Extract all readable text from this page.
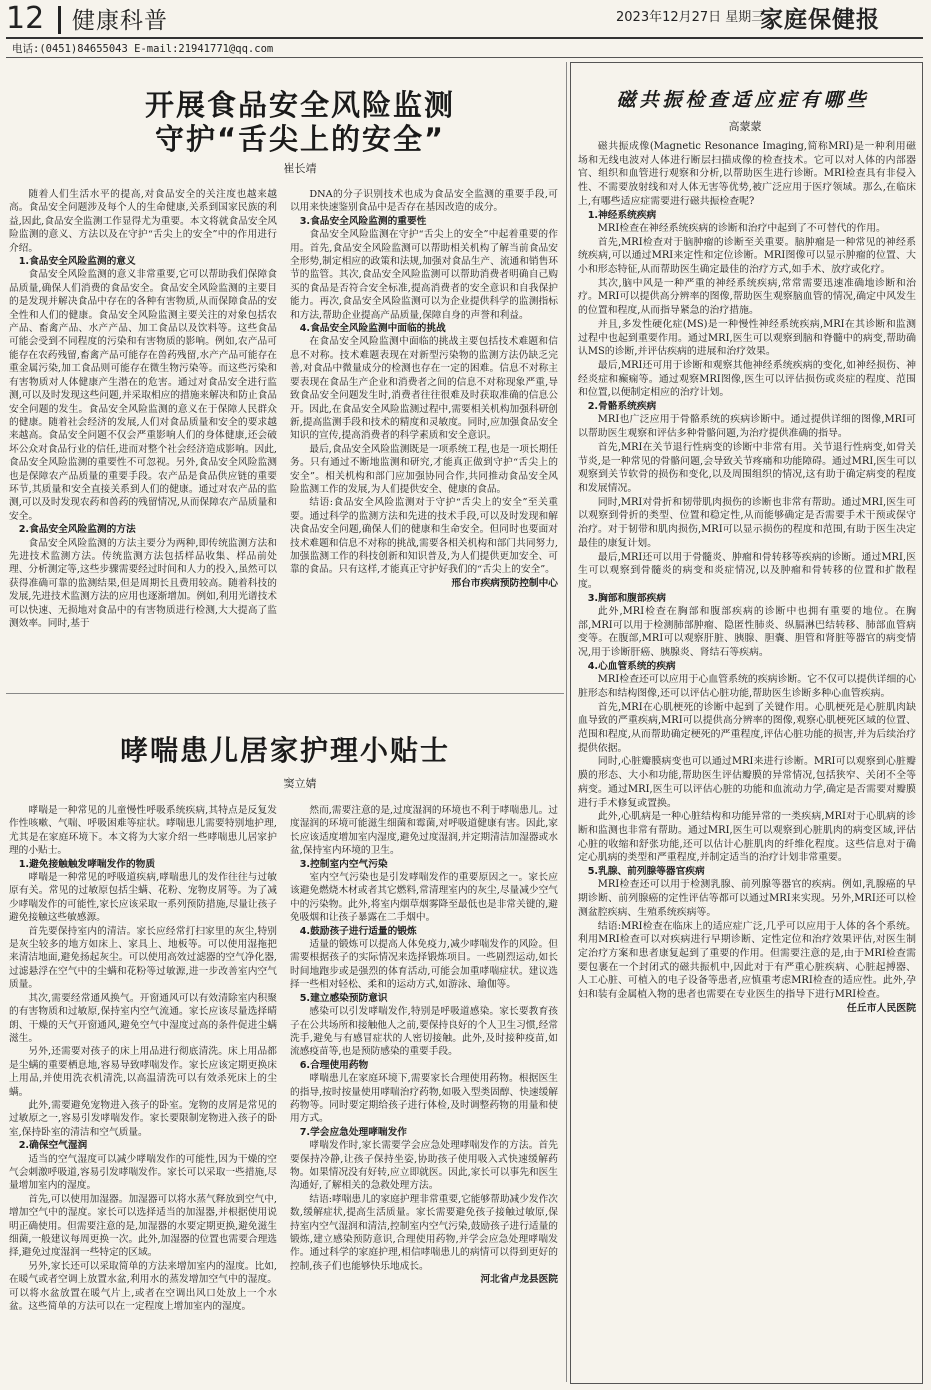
12 健康科普	2023年12月27日 星期三
家庭保健报
电话:(0451)84655043 E-mail:21941771@qq.com
开展食品安全风险监测
守护“舌尖上的安全”
崔长靖

随着人们生活水平的提高,对食品安全的关注度也越来越高。食品安全问题涉及每个人的生命健康,关系到国家民族的利益,因此,食品安全监测工作显得尤为重要。本文将就食品安全风险监测的意义、方法以及在守护“舌尖上的安全”中的作用进行介绍。

1.食品安全风险监测的意义

食品安全风险监测的意义非常重要,它可以帮助我们保障食品质量,确保人们消费的食品安全。食品安全风险监测的主要目的是发现并解决食品中存在的各种有害物质,从而保障食品的安全性和人们的健康。食品安全风险监测主要关注的对象包括农产品、畜禽产品、水产产品、加工食品以及饮料等。这些食品可能会受到不同程度的污染和有害物质的影响。例如,农产品可能存在农药残留,畜禽产品可能存在兽药残留,水产产品可能存在重金属污染,加工食品则可能存在微生物污染等。而这些污染和有害物质对人体健康产生潜在的危害。通过对食品安全进行监测,可以及时发现这些问题,并采取相应的措施来解决和防止食品安全问题的发生。食品安全风险监测的意义在于保障人民群众的健康。随着社会经济的发展,人们对食品质量和安全的要求越来越高。食品安全问题不仅会严重影响人们的身体健康,还会破坏公众对食品行业的信任,进而对整个社会经济造成影响。因此,食品安全风险监测的重要性不可忽视。另外,食品安全风险监测也是保障农产品质量的重要手段。农产品是食品供应链的重要环节,其质量和安全直接关系到人们的健康。通过对农产品的监测,可以及时发现农药和兽药的残留情况,从而保障农产品质量和安全。

2.食品安全风险监测的方法

食品安全风险监测的方法主要分为两种,即传统监测方法和先进技术监测方法。传统监测方法包括样品收集、样品前处理、分析测定等,这些步骤需要经过时间和人力的投入,虽然可以获得准确可靠的监测结果,但是周期长且费用较高。随着科技的发展,先进技术监测方法的应用也逐渐增加。例如,利用光谱技术可以快速、无损地对食品中的有害物质进行检测,大大提高了监测效率。同时,基于

DNA的分子识别技术也成为食品安全监测的重要手段,可以用来快速鉴别食品中是否存在基因改造的成分。

3.食品安全风险监测的重要性

食品安全风险监测在守护“舌尖上的安全”中起着重要的作用。首先,食品安全风险监测可以帮助相关机构了解当前食品安全形势,制定相应的政策和法规,加强对食品生产、流通和销售环节的监管。其次,食品安全风险监测可以帮助消费者明确自己购买的食品是否符合安全标准,提高消费者的安全意识和自我保护能力。再次,食品安全风险监测可以为企业提供科学的监测指标和方法,帮助企业提高产品质量,保障自身的声誉和利益。

4.食品安全风险监测中面临的挑战

在食品安全风险监测中面临的挑战主要包括技术难题和信息不对称。技术难题表现在对新型污染物的监测方法仍缺乏完善,对食品中微量成分的检测也存在一定的困难。信息不对称主要表现在食品生产企业和消费者之间的信息不对称现象严重,导致食品安全问题发生时,消费者往往很难及时获取准确的信息公开。因此,在食品安全风险监测过程中,需要相关机构加强科研创新,提高监测手段和技术的精度和灵敏度。同时,应加强食品安全知识的宣传,提高消费者的科学素质和安全意识。

最后,食品安全风险监测既是一项系统工程,也是一项长期任务。只有通过不断地监测和研究,才能真正做到守护“舌尖上的安全”。相关机构和部门应加强协同合作,共同推动食品安全风险监测工作的发展,为人们提供安全、健康的食品。

结语:食品安全风险监测对于守护“舌尖上的安全”至关重要。通过科学的监测方法和先进的技术手段,可以及时发现和解决食品安全问题,确保人们的健康和生命安全。但同时也要面对技术难题和信息不对称的挑战,需要各相关机构和部门共同努力,加强监测工作的科技创新和知识普及,为人们提供更加安全、可靠的食品。只有这样,才能真正守护好我们的“舌尖上的安全”。

邢台市疾病预防控制中心

哮喘患儿居家护理小贴士
窦立婧

哮喘是一种常见的儿童慢性呼吸系统疾病,其特点是反复发作性咳嗽、气喘、呼吸困难等症状。哮喘患儿需要特别地护理,尤其是在家庭环境下。本文将为大家介绍一些哮喘患儿居家护理的小贴士。

1.避免接触触发哮喘发作的物质

哮喘是一种常见的呼吸道疾病,哮喘患儿的发作往往与过敏原有关。常见的过敏原包括尘螨、花粉、宠物皮屑等。为了减少哮喘发作的可能性,家长应该采取一系列预防措施,尽量让孩子避免接触这些敏感源。

首先要保持室内的清洁。家长应经常打扫家里的灰尘,特别是灰尘较多的地方如床上、家具上、地板等。可以使用湿拖把来清洁地面,避免扬起灰尘。可以使用高效过滤器的空气净化器,过滤悬浮在空气中的尘螨和花粉等过敏源,进一步改善室内空气质量。

其次,需要经常通风换气。开窗通风可以有效清除室内积聚的有害物质和过敏原,保持室内空气流通。家长应该尽量选择晴朗、干燥的天气开窗通风,避免空气中湿度过高的条件促进尘螨滋生。

另外,还需要对孩子的床上用品进行彻底清洗。床上用品都是尘螨的重要栖息地,容易导致哮喘发作。家长应该定期更换床上用品,并使用洗衣机清洗,以高温清洗可以有效杀死床上的尘螨。

此外,需要避免宠物进入孩子的卧室。宠物的皮屑是常见的过敏原之一,容易引发哮喘发作。家长要限制宠物进入孩子的卧室,保持卧室的清洁和空气质量。

2.确保空气湿润

适当的空气湿度可以减少哮喘发作的可能性,因为干燥的空气会刺激呼吸道,容易引发哮喘发作。家长可以采取一些措施,尽量增加室内的湿度。

首先,可以使用加湿器。加湿器可以将水蒸气释放到空气中,增加空气中的湿度。家长可以选择适当的加湿器,并根据使用说明正确使用。但需要注意的是,加湿器的水要定期更换,避免滋生细菌,一般建议每周更换一次。此外,加湿器的位置也需要合理选择,避免过度湿润一些特定的区域。

另外,家长还可以采取简单的方法来增加室内的湿度。比如,在暖气或者空调上放置水盆,利用水的蒸发增加空气中的湿度。可以将水盆放置在暖气片上,或者在空调出风口处放上一个水盆。这些简单的方法可以在一定程度上增加室内的湿度。

然而,需要注意的是,过度湿润的环境也不利于哮喘患儿。过度湿润的环境可能滋生细菌和霉菌,对呼吸道健康有害。因此,家长应该适度增加室内湿度,避免过度湿润,并定期清洁加湿器或水盆,保持室内环境的卫生。

3.控制室内空气污染

室内空气污染也是引发哮喘发作的重要原因之一。家长应该避免燃烧木材或者其它燃料,常清理室内的灰尘,尽量减少空气中的污染物。此外,将室内烟草烟雾降至最低也是非常关键的,避免吸烟和让孩子暴露在二手烟中。

4.鼓励孩子进行适量的锻炼

适量的锻炼可以提高人体免疫力,减少哮喘发作的风险。但需要根据孩子的实际情况来选择锻炼项目。一些剧烈运动,如长时间地跑步或是强烈的体育活动,可能会加重哮喘症状。建议选择一些相对轻松、柔和的运动方式,如游泳、瑜伽等。

5.建立感染预防意识

感染可以引发哮喘发作,特别是呼吸道感染。家长要教育孩子在公共场所和接触他人之前,要保持良好的个人卫生习惯,经常洗手,避免与有感冒症状的人密切接触。此外,及时接种疫苗,如流感疫苗等,也是预防感染的重要手段。

6.合理使用药物

哮喘患儿在家庭环境下,需要家长合理使用药物。根据医生的指导,按时按量使用哮喘治疗药物,如吸入型类固醇、快速缓解药物等。同时要定期给孩子进行体检,及时调整药物的用量和使用方式。

7.学会应急处理哮喘发作

哮喘发作时,家长需要学会应急处理哮喘发作的方法。首先要保持冷静,让孩子保持坐姿,协助孩子使用吸入式快速缓解药物。如果情况没有好转,应立即就医。因此,家长可以事先和医生沟通好,了解相关的急救处理方法。

结语:哮喘患儿的家庭护理非常重要,它能够帮助减少发作次数,缓解症状,提高生活质量。家长需要避免孩子接触过敏原,保持室内空气湿润和清洁,控制室内空气污染,鼓励孩子进行适量的锻炼,建立感染预防意识,合理使用药物,并学会应急处理哮喘发作。通过科学的家庭护理,相信哮喘患儿的病情可以得到更好的控制,孩子们也能够快乐地成长。

河北省卢龙县医院

磁共振检查适应症有哪些
高蒙蒙

磁共振成像(Magnetic Resonance Imaging,简称MRI)是一种利用磁场和无线电波对人体进行断层扫描成像的检查技术。它可以对人体的内部器官、组织和血管进行观察和分析,以帮助医生进行诊断。MRI检查具有非侵入性、不需要放射线和对人体无害等优势,被广泛应用于医疗领域。那么,在临床上,有哪些适应症需要进行磁共振检查呢?

1.神经系统疾病

MRI检查在神经系统疾病的诊断和治疗中起到了不可替代的作用。

首先,MRI检查对于脑肿瘤的诊断至关重要。脑肿瘤是一种常见的神经系统疾病,可以通过MRI来定性和定位诊断。MRI图像可以显示肿瘤的位置、大小和形态特征,从而帮助医生确定最佳的治疗方式,如手术、放疗或化疗。

其次,脑中风是一种严重的神经系统疾病,常常需要迅速准确地诊断和治疗。MRI可以提供高分辨率的图像,帮助医生观察脑血管的情况,确定中风发生的位置和程度,从而指导紧急的治疗措施。

并且,多发性硬化症(MS)是一种慢性神经系统疾病,MRI在其诊断和监测过程中也起到重要作用。通过MRI,医生可以观察到脑和脊髓中的病变,帮助确认MS的诊断,并评估疾病的进展和治疗效果。

最后,MRI还可用于诊断和观察其他神经系统疾病的变化,如神经损伤、神经炎症和癫痫等。通过观察MRI图像,医生可以评估损伤或炎症的程度、范围和位置,以便制定相应的治疗计划。

2.骨骼系统疾病

MRI也广泛应用于骨骼系统的疾病诊断中。通过提供详细的图像,MRI可以帮助医生观察和评估多种骨骼问题,为治疗提供准确的指导。

首先,MRI在关节退行性病变的诊断中非常有用。关节退行性病变,如骨关节炎,是一种常见的骨骼问题,会导致关节疼痛和功能障碍。通过MRI,医生可以观察到关节软骨的损伤和变化,以及周围组织的情况,这有助于确定病变的程度和发展情况。

同时,MRI对骨折和韧带肌肉损伤的诊断也非常有帮助。通过MRI,医生可以观察到骨折的类型、位置和稳定性,从而能够确定是否需要手术干预或保守治疗。对于韧带和肌肉损伤,MRI可以显示损伤的程度和范围,有助于医生决定最佳的康复计划。

最后,MRI还可以用于骨髓炎、肿瘤和骨转移等疾病的诊断。通过MRI,医生可以观察到骨髓炎的病变和炎症情况,以及肿瘤和骨转移的位置和扩散程度。

3.胸部和腹部疾病

此外,MRI检查在胸部和腹部疾病的诊断中也拥有重要的地位。在胸部,MRI可以用于检测肺部肿瘤、隐匿性肺炎、纵膈淋巴结转移、肺部血管病变等。在腹部,MRI可以观察肝脏、胰腺、胆囊、胆管和肾脏等器官的病变情况,用于诊断肝癌、胰腺炎、肾结石等疾病。

4.心血管系统的疾病

MRI检查还可以应用于心血管系统的疾病诊断。它不仅可以提供详细的心脏形态和结构图像,还可以评估心脏功能,帮助医生诊断多种心血管疾病。

首先,MRI在心肌梗死的诊断中起到了关键作用。心肌梗死是心脏肌肉缺血导致的严重疾病,MRI可以提供高分辨率的图像,观察心肌梗死区域的位置、范围和程度,从而帮助确定梗死的严重程度,评估心脏功能的损害,并为后续治疗提供依据。

同时,心脏瓣膜病变也可以通过MRI来进行诊断。MRI可以观察到心脏瓣膜的形态、大小和功能,帮助医生评估瓣膜的异常情况,包括狭窄、关闭不全等病变。通过MRI,医生可以评估心脏的功能和血流动力学,确定是否需要对瓣膜进行手术修复或置换。

此外,心肌病是一种心脏结构和功能异常的一类疾病,MRI对于心肌病的诊断和监测也非常有帮助。通过MRI,医生可以观察到心脏肌肉的病变区域,评估心脏的收缩和舒张功能,还可以估计心脏肌肉的纤维化程度。这些信息对于确定心肌病的类型和严重程度,并制定适当的治疗计划非常重要。

5.乳腺、前列腺等器官疾病

MRI检查还可以用于检测乳腺、前列腺等器官的疾病。例如,乳腺癌的早期诊断、前列腺癌的定性评估等都可以通过MRI来实现。另外,MRI还可以检测盆腔疾病、生殖系统疾病等。

结语:MRI检查在临床上的适应症广泛,几乎可以应用于人体的各个系统。利用MRI检查可以对疾病进行早期诊断、定性定位和治疗效果评估,对医生制定治疗方案和患者康复起到了重要的作用。但需要注意的是,由于MRI检查需要包裹在一个封闭式的磁共振机中,因此对于有严重心脏疾病、心脏起搏器、人工心脏、可植入的电子设备等患者,应慎重考虑MRI检查的适应性。此外,孕妇和装有金属植入物的患者也需要在专业医生的指导下进行MRI检查。

任丘市人民医院
